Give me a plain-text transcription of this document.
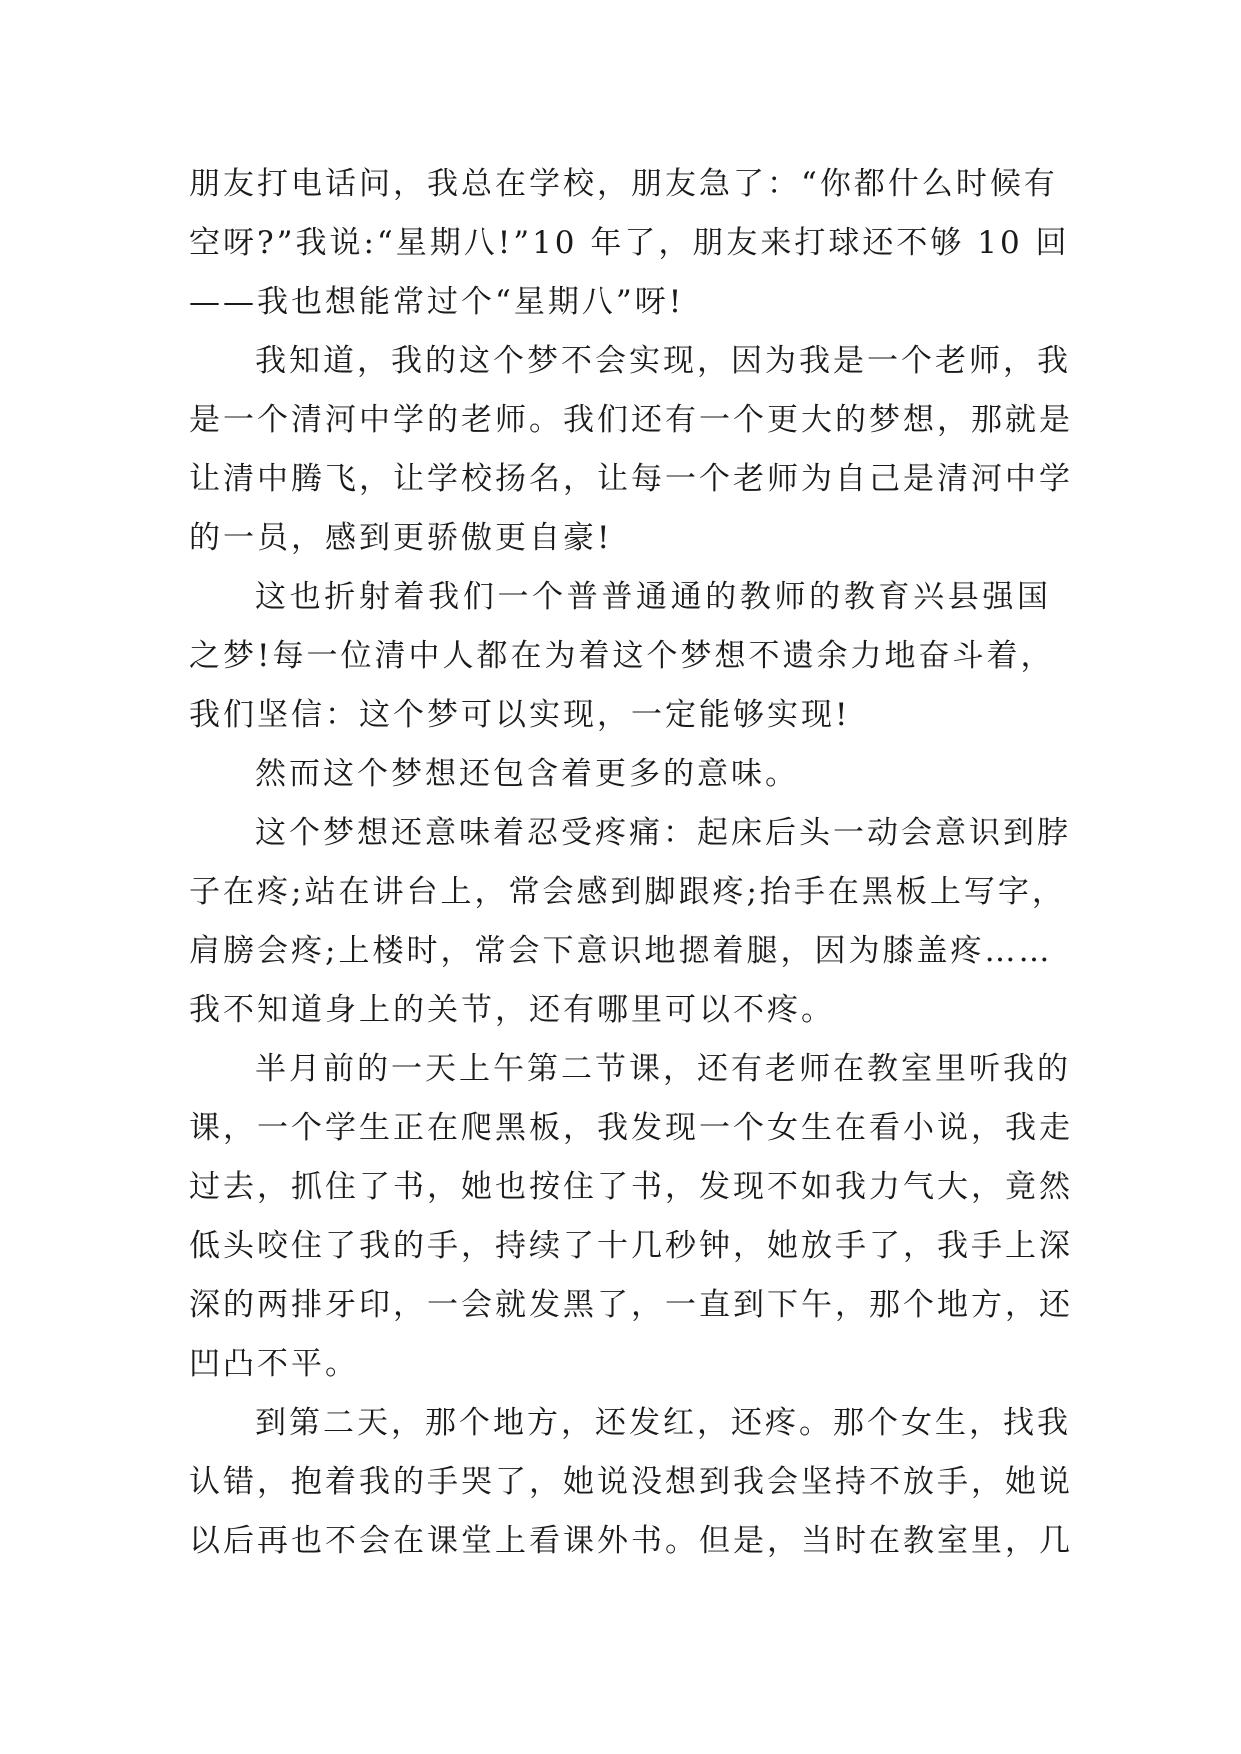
朋友打电话问，我总在学校，朋友急了：“你都什么时候有
空呀?”我说:“星期八!”10 年了，朋友来打球还不够 10 回
——我也想能常过个“星期八”呀!
我知道，我的这个梦不会实现，因为我是一个老师，我
是一个清河中学的老师。我们还有一个更大的梦想，那就是
让清中腾飞，让学校扬名，让每一个老师为自己是清河中学
的一员，感到更骄傲更自豪!
这也折射着我们一个普普通通的教师的教育兴县强国
之梦!每一位清中人都在为着这个梦想不遗余力地奋斗着，
我们坚信：这个梦可以实现，一定能够实现!
然而这个梦想还包含着更多的意味。
这个梦想还意味着忍受疼痛：起床后头一动会意识到脖
子在疼;站在讲台上，常会感到脚跟疼;抬手在黑板上写字，
肩膀会疼;上楼时，常会下意识地摁着腿，因为膝盖疼……
我不知道身上的关节，还有哪里可以不疼。
半月前的一天上午第二节课，还有老师在教室里听我的
课，一个学生正在爬黑板，我发现一个女生在看小说，我走
过去，抓住了书，她也按住了书，发现不如我力气大，竟然
低头咬住了我的手，持续了十几秒钟，她放手了，我手上深
深的两排牙印，一会就发黑了，一直到下午，那个地方，还
凹凸不平。
到第二天，那个地方，还发红，还疼。那个女生，找我
认错，抱着我的手哭了，她说没想到我会坚持不放手，她说
以后再也不会在课堂上看课外书。但是，当时在教室里，几
